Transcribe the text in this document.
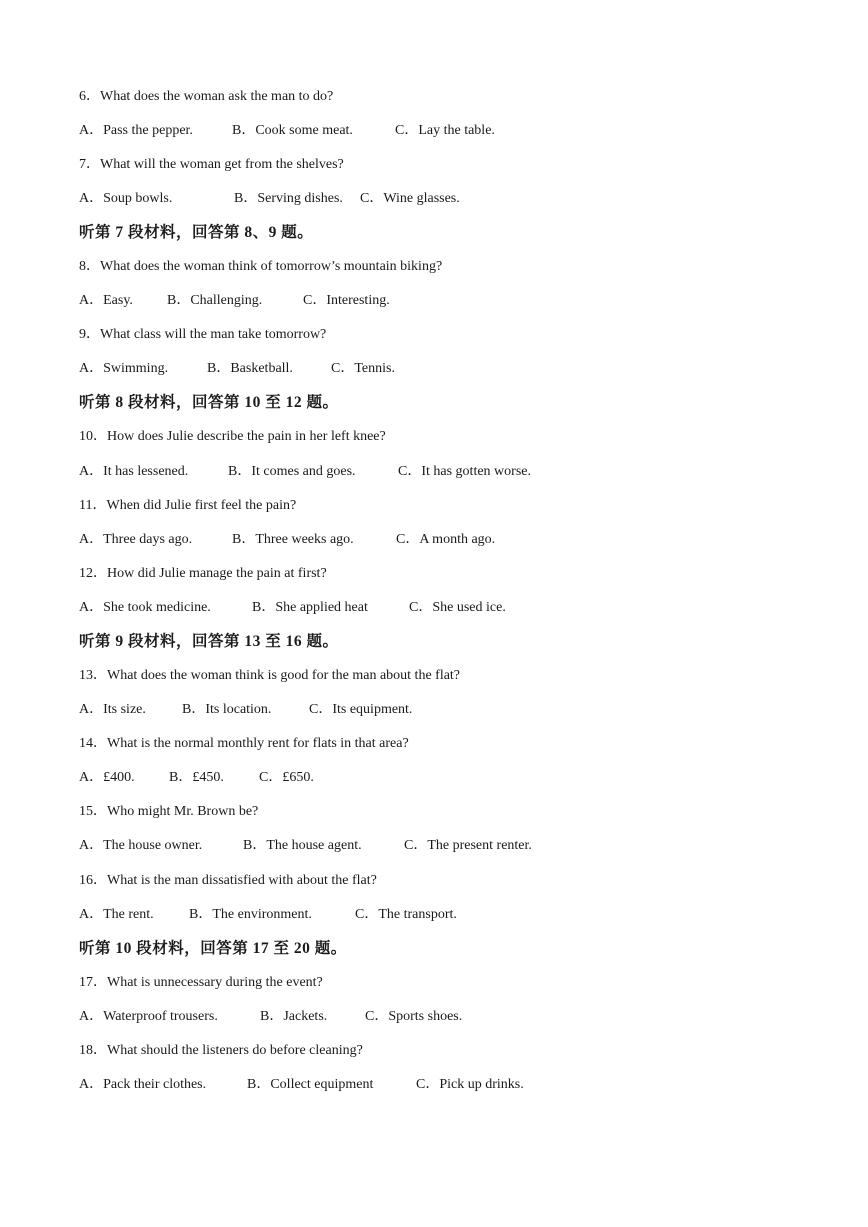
6．What does the woman ask the man to do?
A．Pass the pepper.	B．Cook some meat.	C．Lay the table.
7．What will the woman get from the shelves?
A．Soup bowls.	B．Serving dishes. C．Wine glasses.
听第 7 段材料，回答第 8、9 题。
8．What does the woman think of tomorrow’s mountain biking?
A．Easy. B．Challenging.	C．Interesting.
9．What class will the man take tomorrow?
A．Swimming.	B．Basketball.	C．Tennis.
听第 8 段材料，回答第 10 至 12 题。
10．How does Julie describe the pain in her left knee?
A．It has lessened.	B．It comes and goes.	C．It has gotten worse.
11．When did Julie first feel the pain?
A．Three days ago.	B．Three weeks ago.	C．A month ago.
12．How did Julie manage the pain at first?
A．She took medicine.	B．She applied heat	C．She used ice.
听第 9 段材料，回答第 13 至 16 题。
13．What does the woman think is good for the man about the flat?
A．Its size.	B．Its location.	C．Its equipment.
14．What is the normal monthly rent for flats in that area?
A．£400. B．£450.	C．£650.
15．Who might Mr. Brown be?
A．The house owner.	B．The house agent.	C．The present renter.
16．What is the man dissatisfied with about the flat?
A．The rent.	B．The environment.	C．The transport.
听第 10 段材料，回答第 17 至 20 题。
17．What is unnecessary during the event?
A．Waterproof trousers.	B．Jackets.	C．Sports shoes.
18．What should the listeners do before cleaning?
A．Pack their clothes.	B．Collect equipment	C．Pick up drinks.
